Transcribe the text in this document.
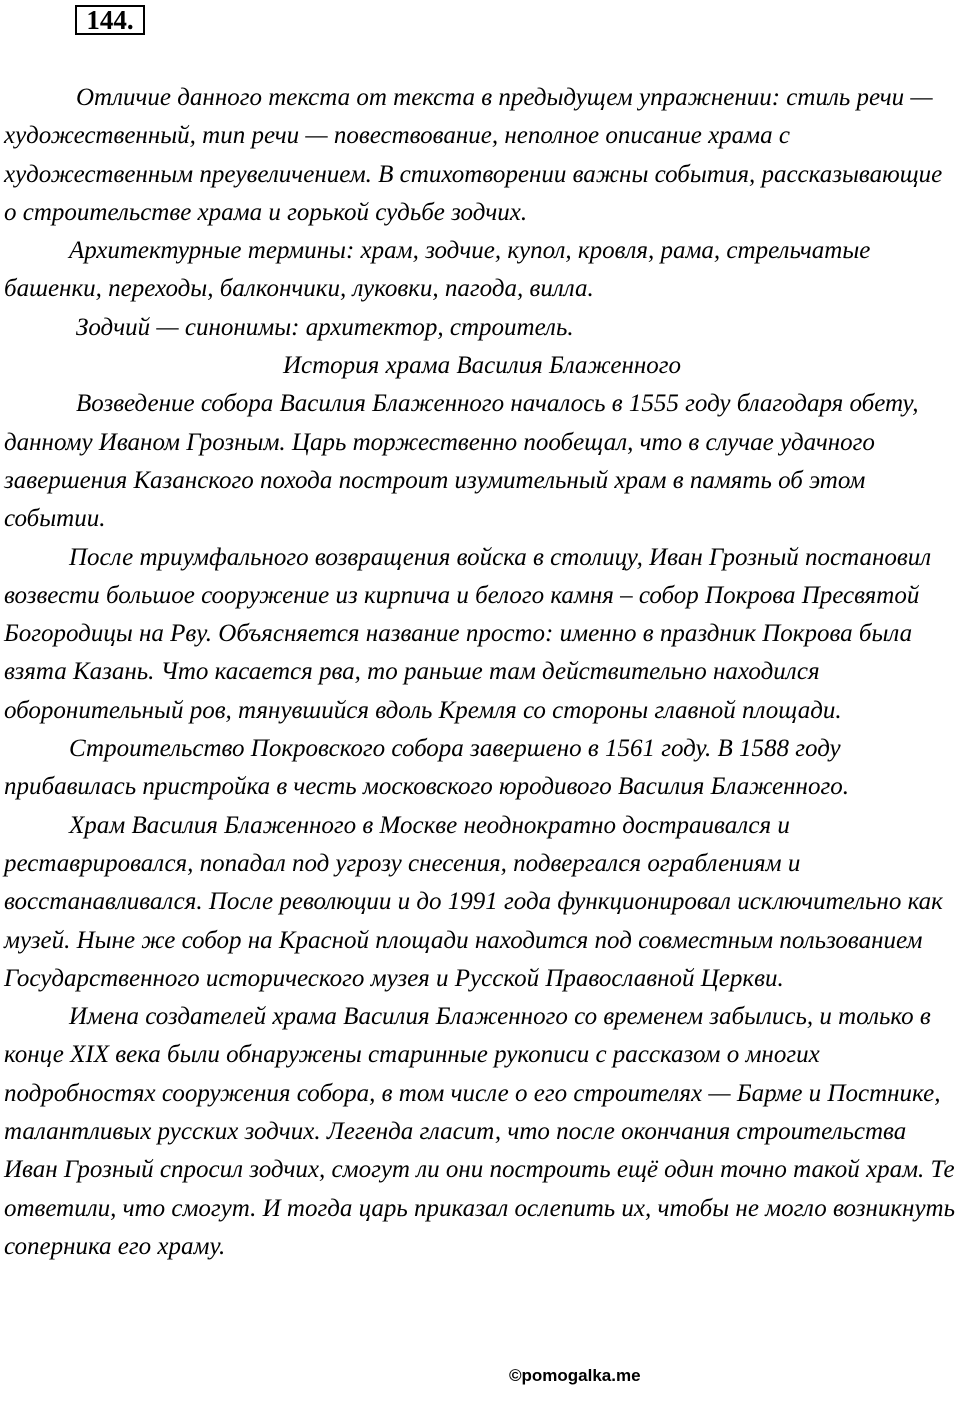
144.

Отличие данного текста от текста в предыдущем упражнении: стиль речи — художественный, тип речи — повествование, неполное описание храма с художественным преувеличением. В стихотворении важны события, рассказывающие о строительстве храма и горькой судьбе зодчих.

Архитектурные термины: храм, зодчие, купол, кровля, рама, стрельчатые башенки, переходы, балкончики, луковки, пагода, вилла.

Зодчий — синонимы: архитектор, строитель.

История храма Василия Блаженного

Возведение собора Василия Блаженного началось в 1555 году благодаря обету, данному Иваном Грозным. Царь торжественно пообещал, что в случае удачного завершения Казанского похода построит изумительный храм в память об этом событии.

После триумфального возвращения войска в столицу, Иван Грозный постановил возвести большое сооружение из кирпича и белого камня – собор Покрова Пресвятой Богородицы на Рву. Объясняется название просто: именно в праздник Покрова была взята Казань. Что касается рва, то раньше там действительно находился оборонительный ров, тянувшийся вдоль Кремля со стороны главной площади.

Строительство Покровского собора завершено в 1561 году. В 1588 году прибавилась пристройка в честь московского юродивого Василия Блаженного.

Храм Василия Блаженного в Москве неоднократно достраивался и реставрировался, попадал под угрозу снесения, подвергался ограблениям и восстанавливался. После революции и до 1991 года функционировал исключительно как музей. Ныне же собор на Красной площади находится под совместным пользованием Государственного исторического музея и Русской Православной Церкви.

Имена создателей храма Василия Блаженного со временем забылись, и только в конце XIX века были обнаружены старинные рукописи с рассказом о многих подробностях сооружения собора, в том числе о его строителях — Барме и Постнике, талантливых русских зодчих. Легенда гласит, что после окончания строительства Иван Грозный спросил зодчих, смогут ли они построить ещё один точно такой храм. Те ответили, что смогут. И тогда царь приказал ослепить их, чтобы не могло возникнуть соперника его храму.

©pomogalka.me
